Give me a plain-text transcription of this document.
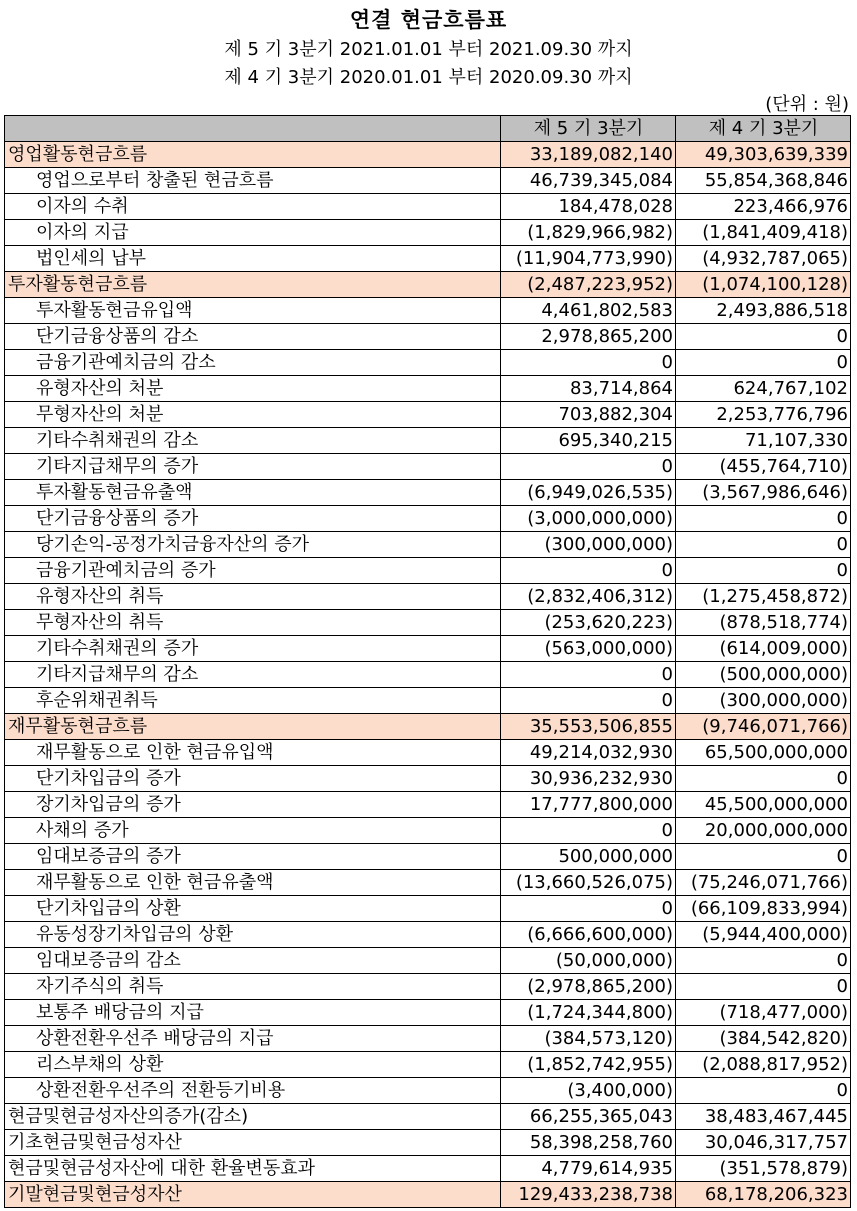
연결 현금흐름표
제 5 기 3분기 2021.01.01 부터 2021.09.30 까지
제 4 기 3분기 2020.01.01 부터 2020.09.30 까지
(단위 : 원)
	제 5 기 3분기	제 4 기 3분기
영업활동현금흐름	33,189,082,140	49,303,639,339
영업으로부터 창출된 현금흐름	46,739,345,084	55,854,368,846
이자의 수취	184,478,028	223,466,976
이자의 지급	(1,829,966,982)	(1,841,409,418)
법인세의 납부	(11,904,773,990)	(4,932,787,065)
투자활동현금흐름	(2,487,223,952)	(1,074,100,128)
투자활동현금유입액	4,461,802,583	2,493,886,518
단기금융상품의 감소	2,978,865,200	0
금융기관예치금의 감소	0	0
유형자산의 처분	83,714,864	624,767,102
무형자산의 처분	703,882,304	2,253,776,796
기타수취채권의 감소	695,340,215	71,107,330
기타지급채무의 증가	0	(455,764,710)
투자활동현금유출액	(6,949,026,535)	(3,567,986,646)
단기금융상품의 증가	(3,000,000,000)	0
당기손익-공정가치금융자산의 증가	(300,000,000)	0
금융기관예치금의 증가	0	0
유형자산의 취득	(2,832,406,312)	(1,275,458,872)
무형자산의 취득	(253,620,223)	(878,518,774)
기타수취채권의 증가	(563,000,000)	(614,009,000)
기타지급채무의 감소	0	(500,000,000)
후순위채권취득	0	(300,000,000)
재무활동현금흐름	35,553,506,855	(9,746,071,766)
재무활동으로 인한 현금유입액	49,214,032,930	65,500,000,000
단기차입금의 증가	30,936,232,930	0
장기차입금의 증가	17,777,800,000	45,500,000,000
사채의 증가	0	20,000,000,000
임대보증금의 증가	500,000,000	0
재무활동으로 인한 현금유출액	(13,660,526,075)	(75,246,071,766)
단기차입금의 상환	0	(66,109,833,994)
유동성장기차입금의 상환	(6,666,600,000)	(5,944,400,000)
임대보증금의 감소	(50,000,000)	0
자기주식의 취득	(2,978,865,200)	0
보통주 배당금의 지급	(1,724,344,800)	(718,477,000)
상환전환우선주 배당금의 지급	(384,573,120)	(384,542,820)
리스부채의 상환	(1,852,742,955)	(2,088,817,952)
상환전환우선주의 전환등기비용	(3,400,000)	0
현금및현금성자산의증가(감소)	66,255,365,043	38,483,467,445
기초현금및현금성자산	58,398,258,760	30,046,317,757
현금및현금성자산에 대한 환율변동효과	4,779,614,935	(351,578,879)
기말현금및현금성자산	129,433,238,738	68,178,206,323
